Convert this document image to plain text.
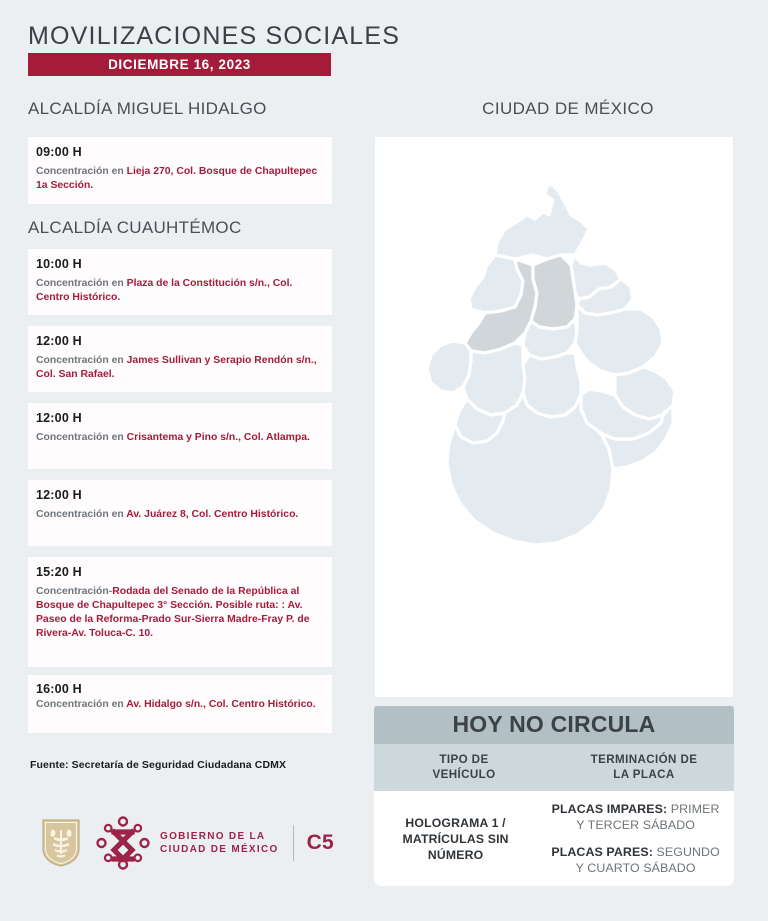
MOVILIZACIONES SOCIALES
DICIEMBRE 16, 2023
ALCALDÍA MIGUEL HIDALGO
ALCALDÍA CUAUHTÉMOC
09:00 H
Concentración en Lieja 270, Col. Bosque de Chapultepec 1a Sección.
10:00 H
Concentración en Plaza de la Constitución s/n., Col. Centro Histórico.
12:00 H
Concentración en James Sullivan y Serapio Rendón s/n., Col. San Rafael.
12:00 H
Concentración en Crisantema y Pino s/n., Col. Atlampa.
12:00 H
Concentración en Av. Juárez 8, Col. Centro Histórico.
15:20 H
Concentración-Rodada del Senado de la República al Bosque de Chapultepec 3° Sección. Posible ruta: : Av. Paseo de la Reforma-Prado Sur-Sierra Madre-Fray P. de Rivera-Av. Toluca-C. 10.
16:00 H
Concentración en Av. Hidalgo s/n., Col. Centro Histórico.
Fuente: Secretaría de Seguridad Ciudadana CDMX
GOBIERNO DE LA
CIUDAD DE MÉXICO C5
CIUDAD DE MÉXICO
HOY NO CIRCULA
TIPO DE
VEHÍCULO
TERMINACIÓN DE
LA PLACA
HOLOGRAMA 1 /
MATRÍCULAS SIN
NÚMERO
PLACAS IMPARES: PRIMER
Y TERCER SÁBADO
PLACAS PARES: SEGUNDO
Y CUARTO SÁBADO
